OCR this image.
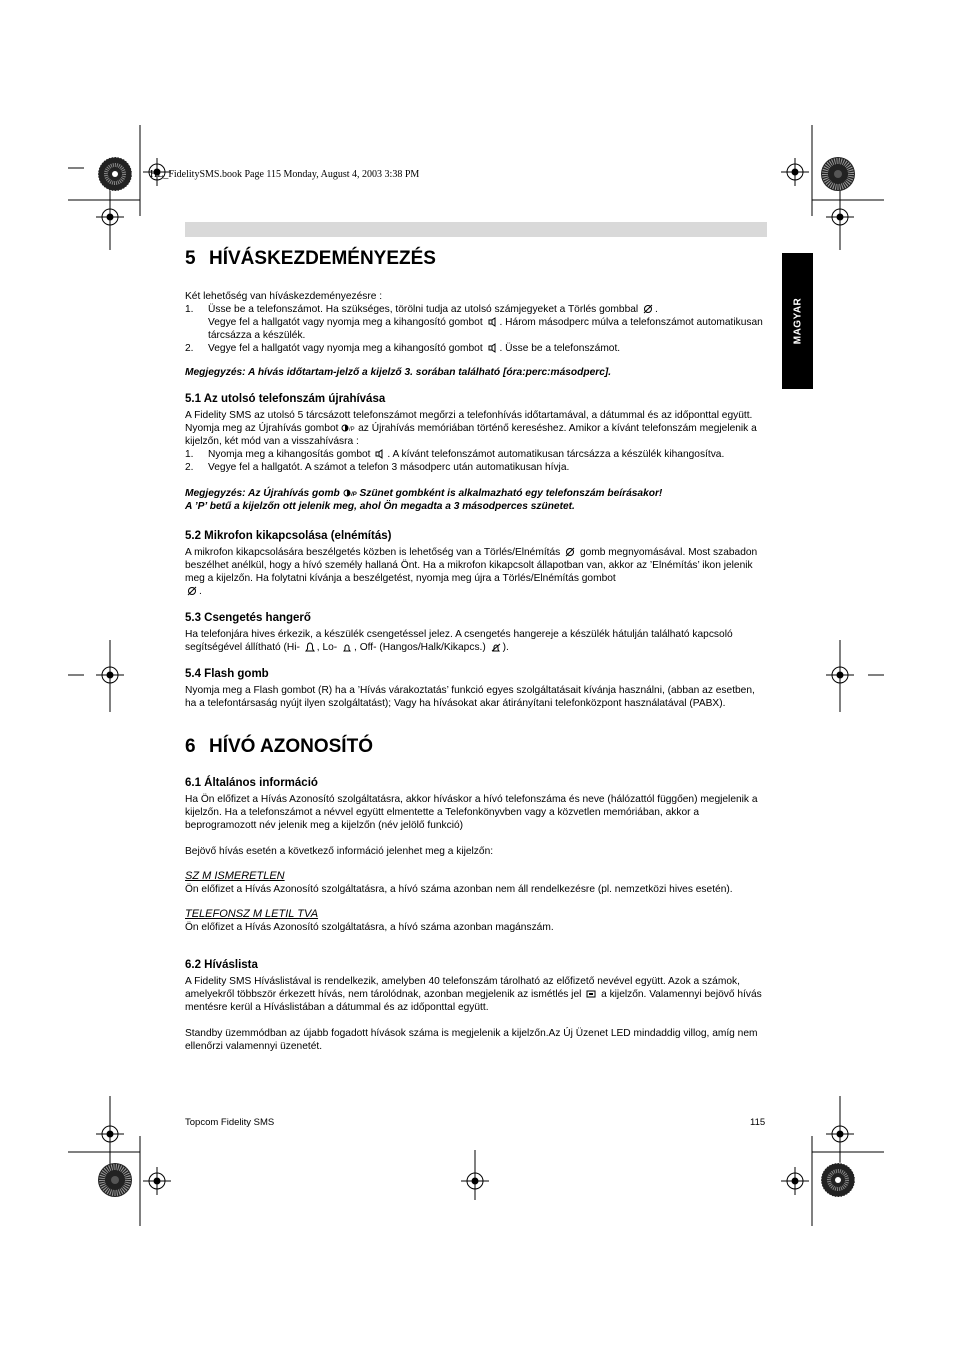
HL_FidelitySMS.book Page 115 Monday, August 4, 2003 3:38 PM
MAGYAR
5 HÍVÁSKEZDEMÉNYEZÉS

Két lehetőség van híváskezdeményezésre :

1. Üsse be a telefonszámot. Ha szükséges, törölni tudja az utolsó számjegyeket a Törlés gombbal .
Vegye fel a hallgatót vagy nyomja meg a kihangosító gombot . Három másodperc múlva a telefonszámot automatikusan tárcsázza a készülék.
2. Vegye fel a hallgatót vagy nyomja meg a kihangosító gombot . Üsse be a telefonszámot.

Megjegyzés: A hívás időtartam-jelző a kijelző 3. sorában található [óra:perc:másodperc].

5.1 Az utolsó telefonszám újrahívása

A Fidelity SMS az utolsó 5 tárcsázott telefonszámot megőrzi a telefonhívás időtartamával, a dátummal és az időponttal együtt. Nyomja meg az Újrahívás gombot /P az Újrahívás memóriában történő kereséshez. Amikor a kívánt telefonszám megjelenik a kijelzőn, két mód van a visszahívásra :

1. Nyomja meg a kihangosítás gombot . A kívánt telefonszámot automatikusan tárcsázza a készülék kihangosítva.
2. Vegye fel a hallgatót. A számot a telefon 3 másodperc után automatikusan hívja.

Megjegyzés: Az Újrahívás gomb /P Szünet gombként is alkalmazható egy telefonszám beírásakor!
A ’P’ betű a kijelzőn ott jelenik meg, ahol Ön megadta a 3 másodperces szünetet.

5.2 Mikrofon kikapcsolása (elnémítás)

A mikrofon kikapcsolására beszélgetés közben is lehetőség van a Törlés/Elnémítás gomb megnyomásával. Most szabadon beszélhet anélkül, hogy a hívó személy hallaná Önt. Ha a mikrofon kikapcsolt állapotban van, akkor az ’Elnémítás’ ikon jelenik meg a kijelzőn. Ha folytatni kívánja a beszélgetést, nyomja meg újra a Törlés/Elnémítás gombot
.

5.3 Csengetés hangerő

Ha telefonjára hives érkezik, a készülék csengetéssel jelez. A csengetés hangereje a készülék hátulján található kapcsoló segítségével állítható (Hi- , Lo- , Off- (Hangos/Halk/Kikapcs.) ).

5.4 Flash gomb

Nyomja meg a Flash gombot (R) ha a ’Hívás várakoztatás’ funkció egyes szolgáltatásait kívánja használni, (abban az esetben, ha a telefontársaság nyújt ilyen szolgáltatást); Vagy ha hívásokat akar átirányítani telefonközpont használatával (PABX).

6 HÍVÓ AZONOSÍTÓ
6.1 Általános információ

Ha Ön előfizet a Hívás Azonosító szolgáltatásra, akkor híváskor a hívó telefonszáma és neve (hálózattól függően) megjelenik a kijelzőn. Ha a telefonszámot a névvel együtt elmentette a Telefonkönyvben vagy a közvetlen memóriában, akkor a beprogramozott név jelenik meg a kijelzőn (név jelölő funkció)

Bejövő hívás esetén a következő információ jelenhet meg a kijelzőn:

SZ M ISMERETLEN

Ön előfizet a Hívás Azonosító szolgáltatásra, a hívó száma azonban nem áll rendelkezésre (pl. nemzetközi hives esetén).

TELEFONSZ M LETIL TVA

Ön előfizet a Hívás Azonosító szolgáltatásra, a hívó száma azonban magánszám.

6.2 Híváslista

A Fidelity SMS Híváslistával is rendelkezik, amelyben 40 telefonszám tárolható az előfizető nevével együtt. Azok a számok, amelyekről többször érkezett hívás, nem tárolódnak, azonban megjelenik az ismétlés jel a kijelzőn. Valamennyi bejövő hívás mentésre kerül a Híváslistában a dátummal és az időponttal együtt.

Standby üzemmódban az újabb fogadott hívások száma is megjelenik a kijelzőn.Az Új Üzenet LED mindaddig villog, amíg nem ellenőrzi valamennyi üzenetét.

Topcom Fidelity SMS	115
